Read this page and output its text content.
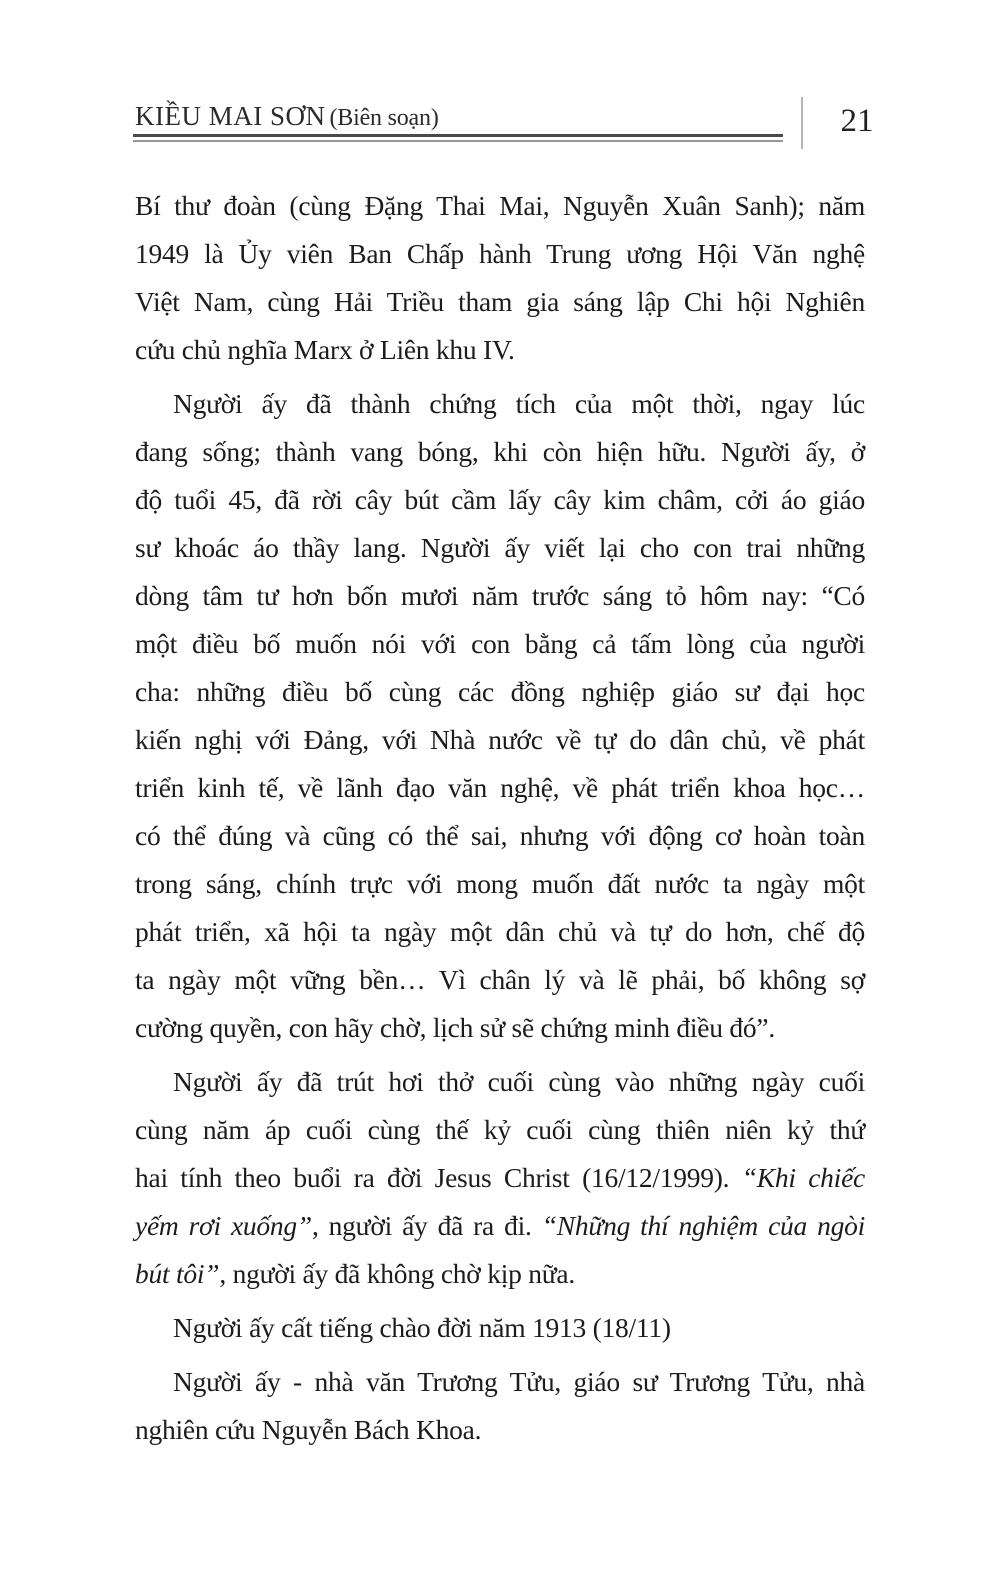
KIỀU MAI SƠN (Biên soạn)	21
Bí thư đoàn (cùng Đặng Thai Mai, Nguyễn Xuân Sanh); năm
1949 là Ủy viên Ban Chấp hành Trung ương Hội Văn nghệ
Việt Nam, cùng Hải Triều tham gia sáng lập Chi hội Nghiên
cứu chủ nghĩa Marx ở Liên khu IV.
Người ấy đã thành chứng tích của một thời, ngay lúc
đang sống; thành vang bóng, khi còn hiện hữu. Người ấy, ở
độ tuổi 45, đã rời cây bút cầm lấy cây kim châm, cởi áo giáo
sư khoác áo thầy lang. Người ấy viết lại cho con trai những
dòng tâm tư hơn bốn mươi năm trước sáng tỏ hôm nay: “Có
một điều bố muốn nói với con bằng cả tấm lòng của người
cha: những điều bố cùng các đồng nghiệp giáo sư đại học
kiến nghị với Đảng, với Nhà nước về tự do dân chủ, về phát
triển kinh tế, về lãnh đạo văn nghệ, về phát triển khoa học…
có thể đúng và cũng có thể sai, nhưng với động cơ hoàn toàn
trong sáng, chính trực với mong muốn đất nước ta ngày một
phát triển, xã hội ta ngày một dân chủ và tự do hơn, chế độ
ta ngày một vững bền… Vì chân lý và lẽ phải, bố không sợ
cường quyền, con hãy chờ, lịch sử sẽ chứng minh điều đó”.
Người ấy đã trút hơi thở cuối cùng vào những ngày cuối
cùng năm áp cuối cùng thế kỷ cuối cùng thiên niên kỷ thứ
hai tính theo buổi ra đời Jesus Christ (16/12/1999). “Khi chiếc
yếm rơi xuống”, người ấy đã ra đi. “Những thí nghiệm của ngòi
bút tôi”, người ấy đã không chờ kịp nữa.
Người ấy cất tiếng chào đời năm 1913 (18/11)
Người ấy - nhà văn Trương Tửu, giáo sư Trương Tửu, nhà
nghiên cứu Nguyễn Bách Khoa.
